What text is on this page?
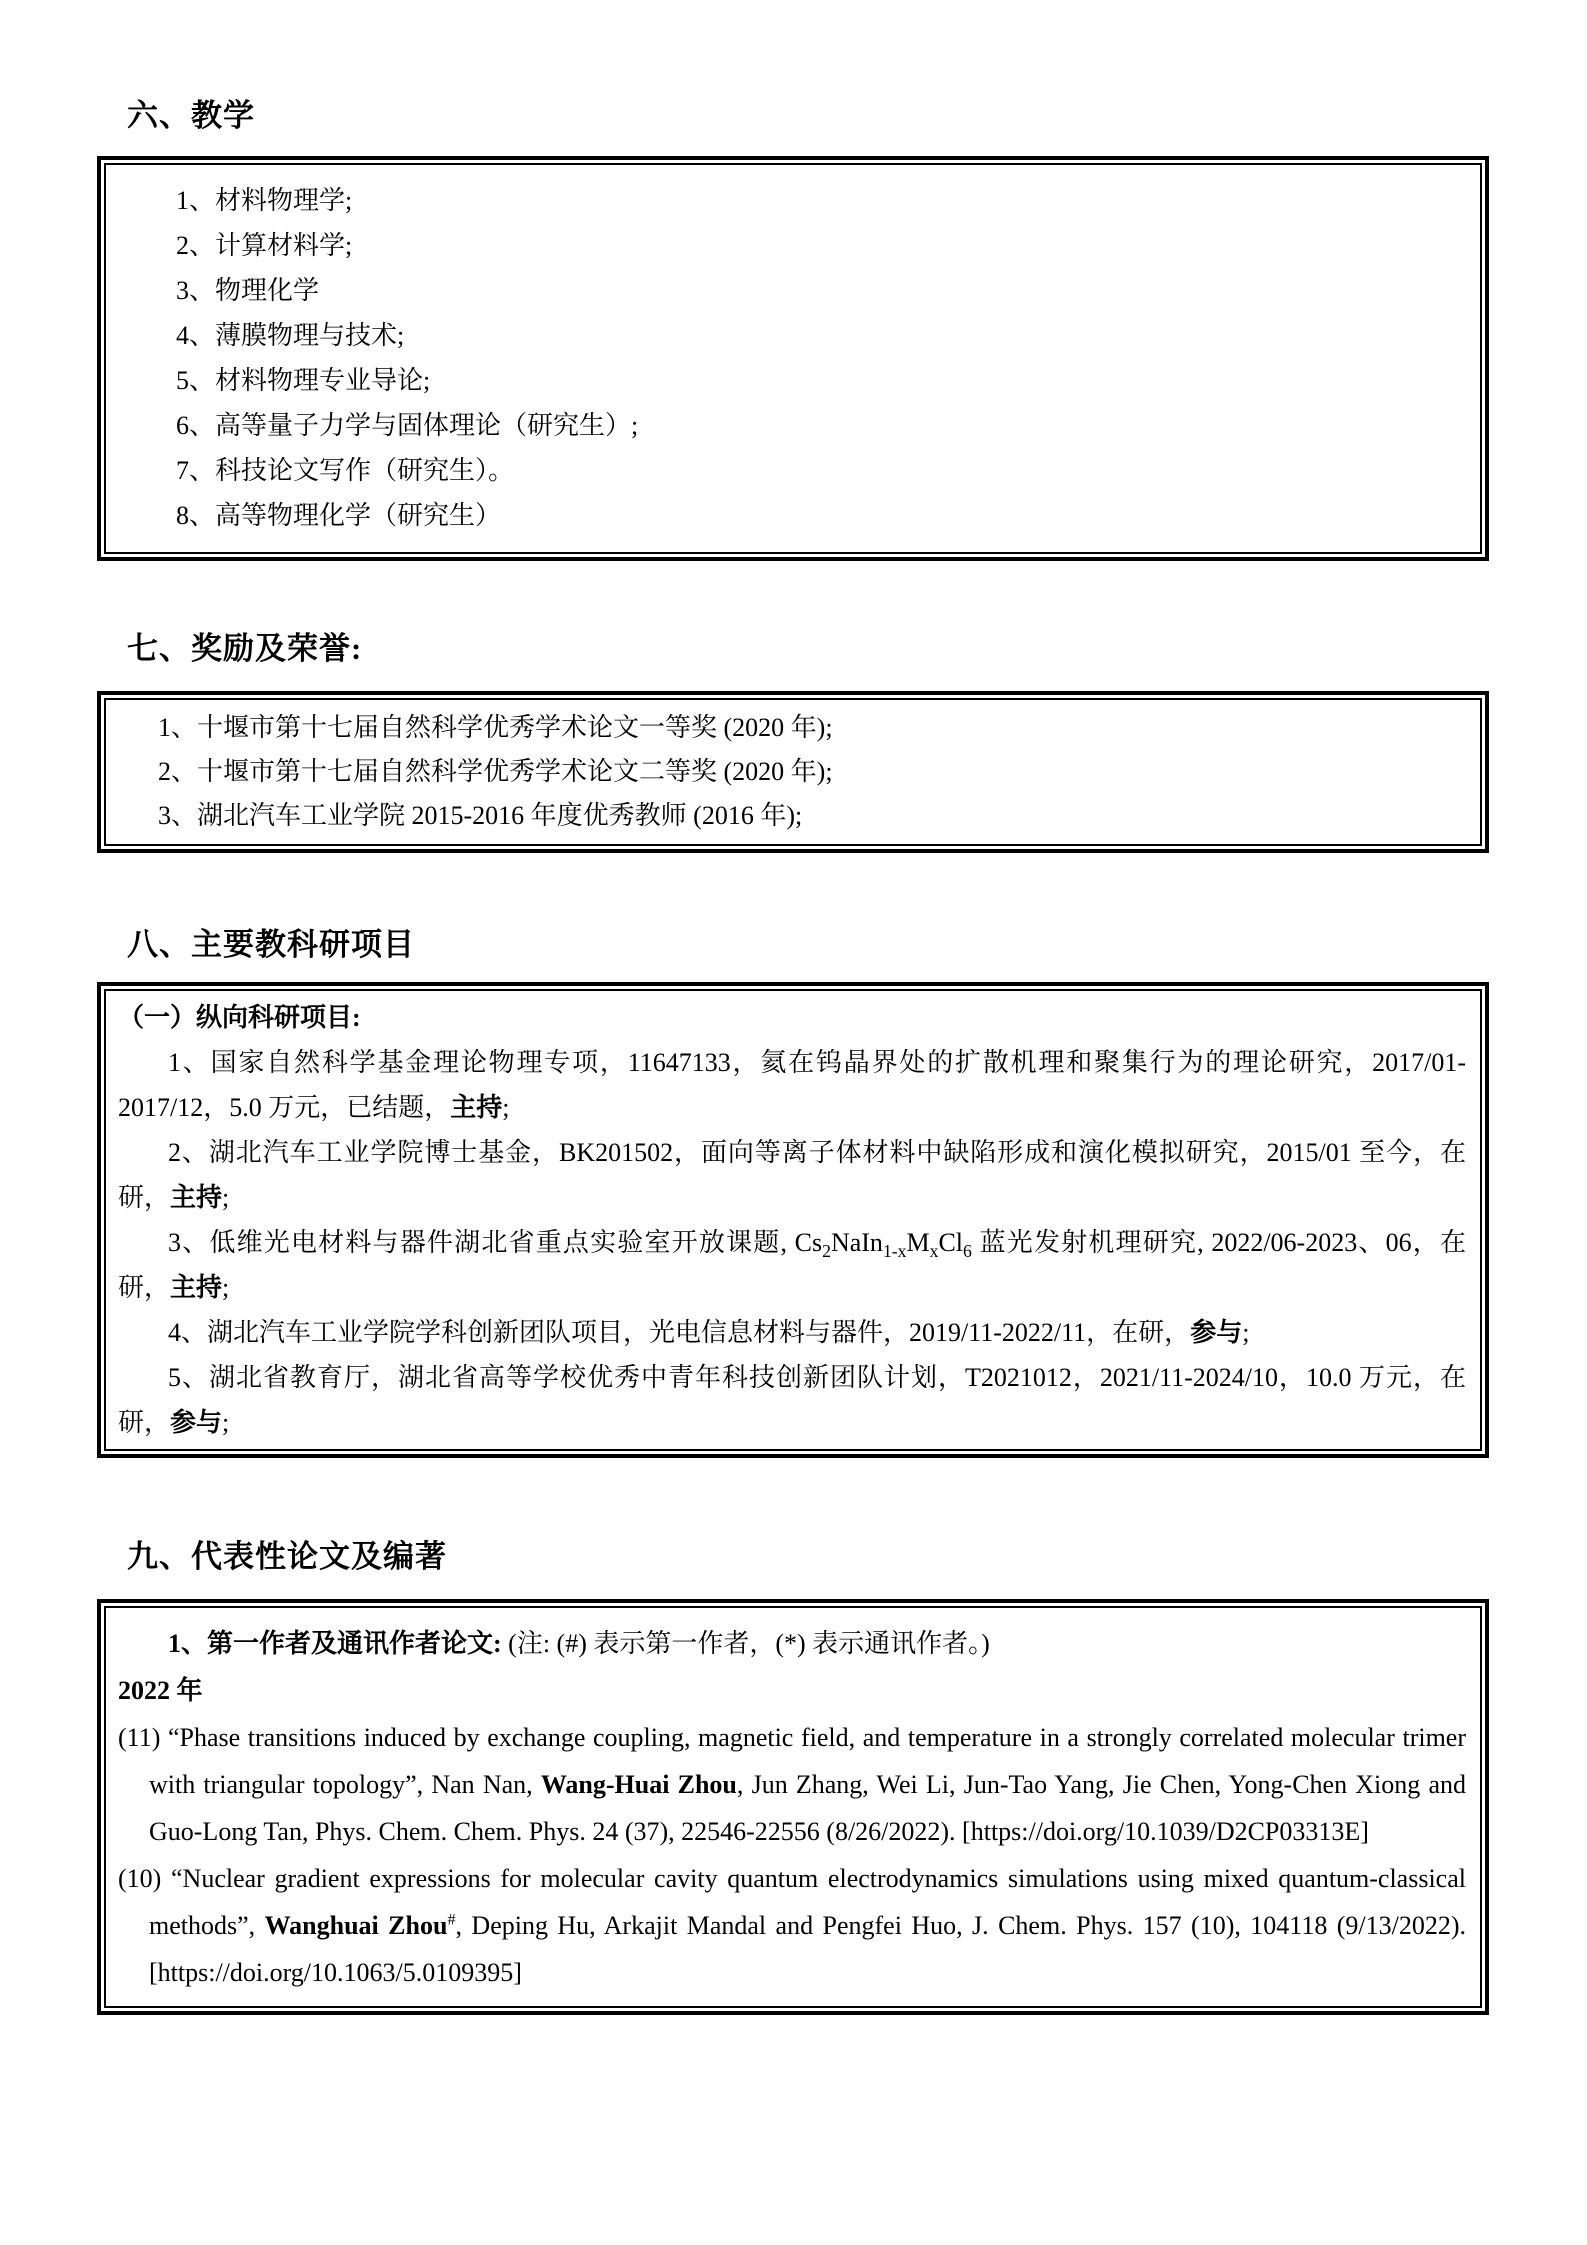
六、教学
1、材料物理学;
2、计算材料学;
3、物理化学
4、薄膜物理与技术;
5、材料物理专业导论;
6、高等量子力学与固体理论（研究生）;
7、科技论文写作（研究生）。
8、高等物理化学（研究生）
七、奖励及荣誉:
1、十堰市第十七届自然科学优秀学术论文一等奖 (2020 年);
2、十堰市第十七届自然科学优秀学术论文二等奖 (2020 年);
3、湖北汽车工业学院 2015-2016 年度优秀教师 (2016 年);
八、主要教科研项目

（一）纵向科研项目:

1、国家自然科学基金理论物理专项，11647133，氦在钨晶界处的扩散机理和聚集行为的理论研究，2017/01-2017/12，5.0 万元，已结题，主持;

2、湖北汽车工业学院博士基金，BK201502，面向等离子体材料中缺陷形成和演化模拟研究，2015/01 至今，在研，主持;

3、低维光电材料与器件湖北省重点实验室开放课题, $Cs_2NaIn_{1-x}M_xCl_6$ 蓝光发射机理研究, 2022/06-2023、06，在研，主持;

4、湖北汽车工业学院学科创新团队项目，光电信息材料与器件，2019/11-2022/11，在研，参与;

5、湖北省教育厅，湖北省高等学校优秀中青年科技创新团队计划，T2021012，2021/11-2024/10，10.0 万元，在研，参与;

九、代表性论文及编著

1、第一作者及通讯作者论文: (注: (#) 表示第一作者，(*) 表示通讯作者。)

2022 年

(11) “Phase transitions induced by exchange coupling, magnetic field, and temperature in a strongly correlated molecular trimer with triangular topology”, Nan Nan, Wang-Huai Zhou, Jun Zhang, Wei Li, Jun-Tao Yang, Jie Chen, Yong-Chen Xiong and Guo-Long Tan, Phys. Chem. Chem. Phys. 24 (37), 22546-22556 (8/26/2022). [https://doi.org/10.1039/D2CP03313E]

(10) “Nuclear gradient expressions for molecular cavity quantum electrodynamics simulations using mixed quantum-classical methods”, Wanghuai Zhou#, Deping Hu, Arkajit Mandal and Pengfei Huo, J. Chem. Phys. 157 (10), 104118 (9/13/2022). [https://doi.org/10.1063/5.0109395]
